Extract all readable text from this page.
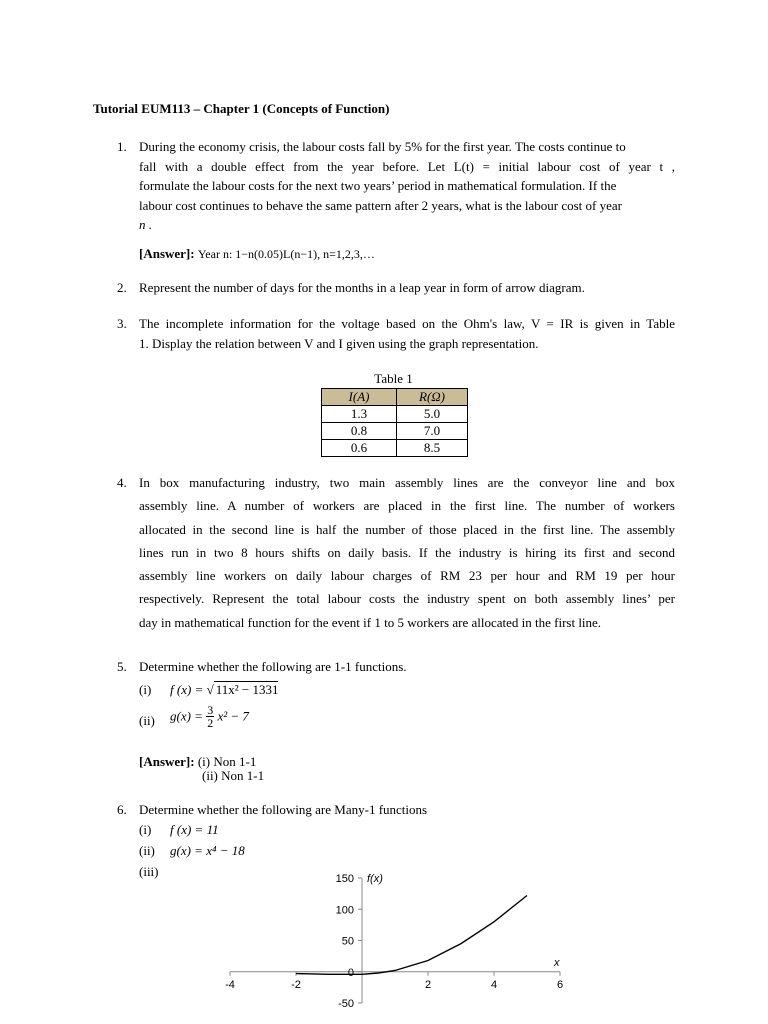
Tutorial EUM113 – Chapter 1 (Concepts of Function)
1. During the economy crisis, the labour costs fall by 5% for the first year. The costs continue to
fall with a double effect from the year before. Let L(t) = initial labour cost of year t ,
formulate the labour costs for the next two years’ period in mathematical formulation. If the
labour cost continues to behave the same pattern after 2 years, what is the labour cost of year
n .
[Answer]: Year n: 1−n(0.05)L(n−1), n=1,2,3,…
2. Represent the number of days for the months in a leap year in form of arrow diagram.
3. The incomplete information for the voltage based on the Ohm's law, V = IR is given in Table
1. Display the relation between V and I given using the graph representation.
Table 1
I(A)	R(Ω)
1.3	5.0
0.8	7.0
0.6	8.5
4. In box manufacturing industry, two main assembly lines are the conveyor line and box
assembly line. A number of workers are placed in the first line. The number of workers
allocated in the second line is half the number of those placed in the first line. The assembly
lines run in two 8 hours shifts on daily basis. If the industry is hiring its first and second
assembly line workers on daily labour charges of RM 23 per hour and RM 19 per hour
respectively. Represent the total labour costs the industry spent on both assembly lines’ per
day in mathematical function for the event if 1 to 5 workers are allocated in the first line.
5. Determine whether the following are 1-1 functions.
(i) f (x) = √ 11x² − 1331
(ii) $g(x) = \frac{3}{2} x^2 - 7$
[Answer]: (i) Non 1-1
(ii) Non 1-1
6. Determine whether the following are Many-1 functions
(i) f (x) = 11
(ii) g(x) = x⁴ − 18
(iii)
-4	-2	2	4	6
150
100
50
0
-50
f(x)
x
